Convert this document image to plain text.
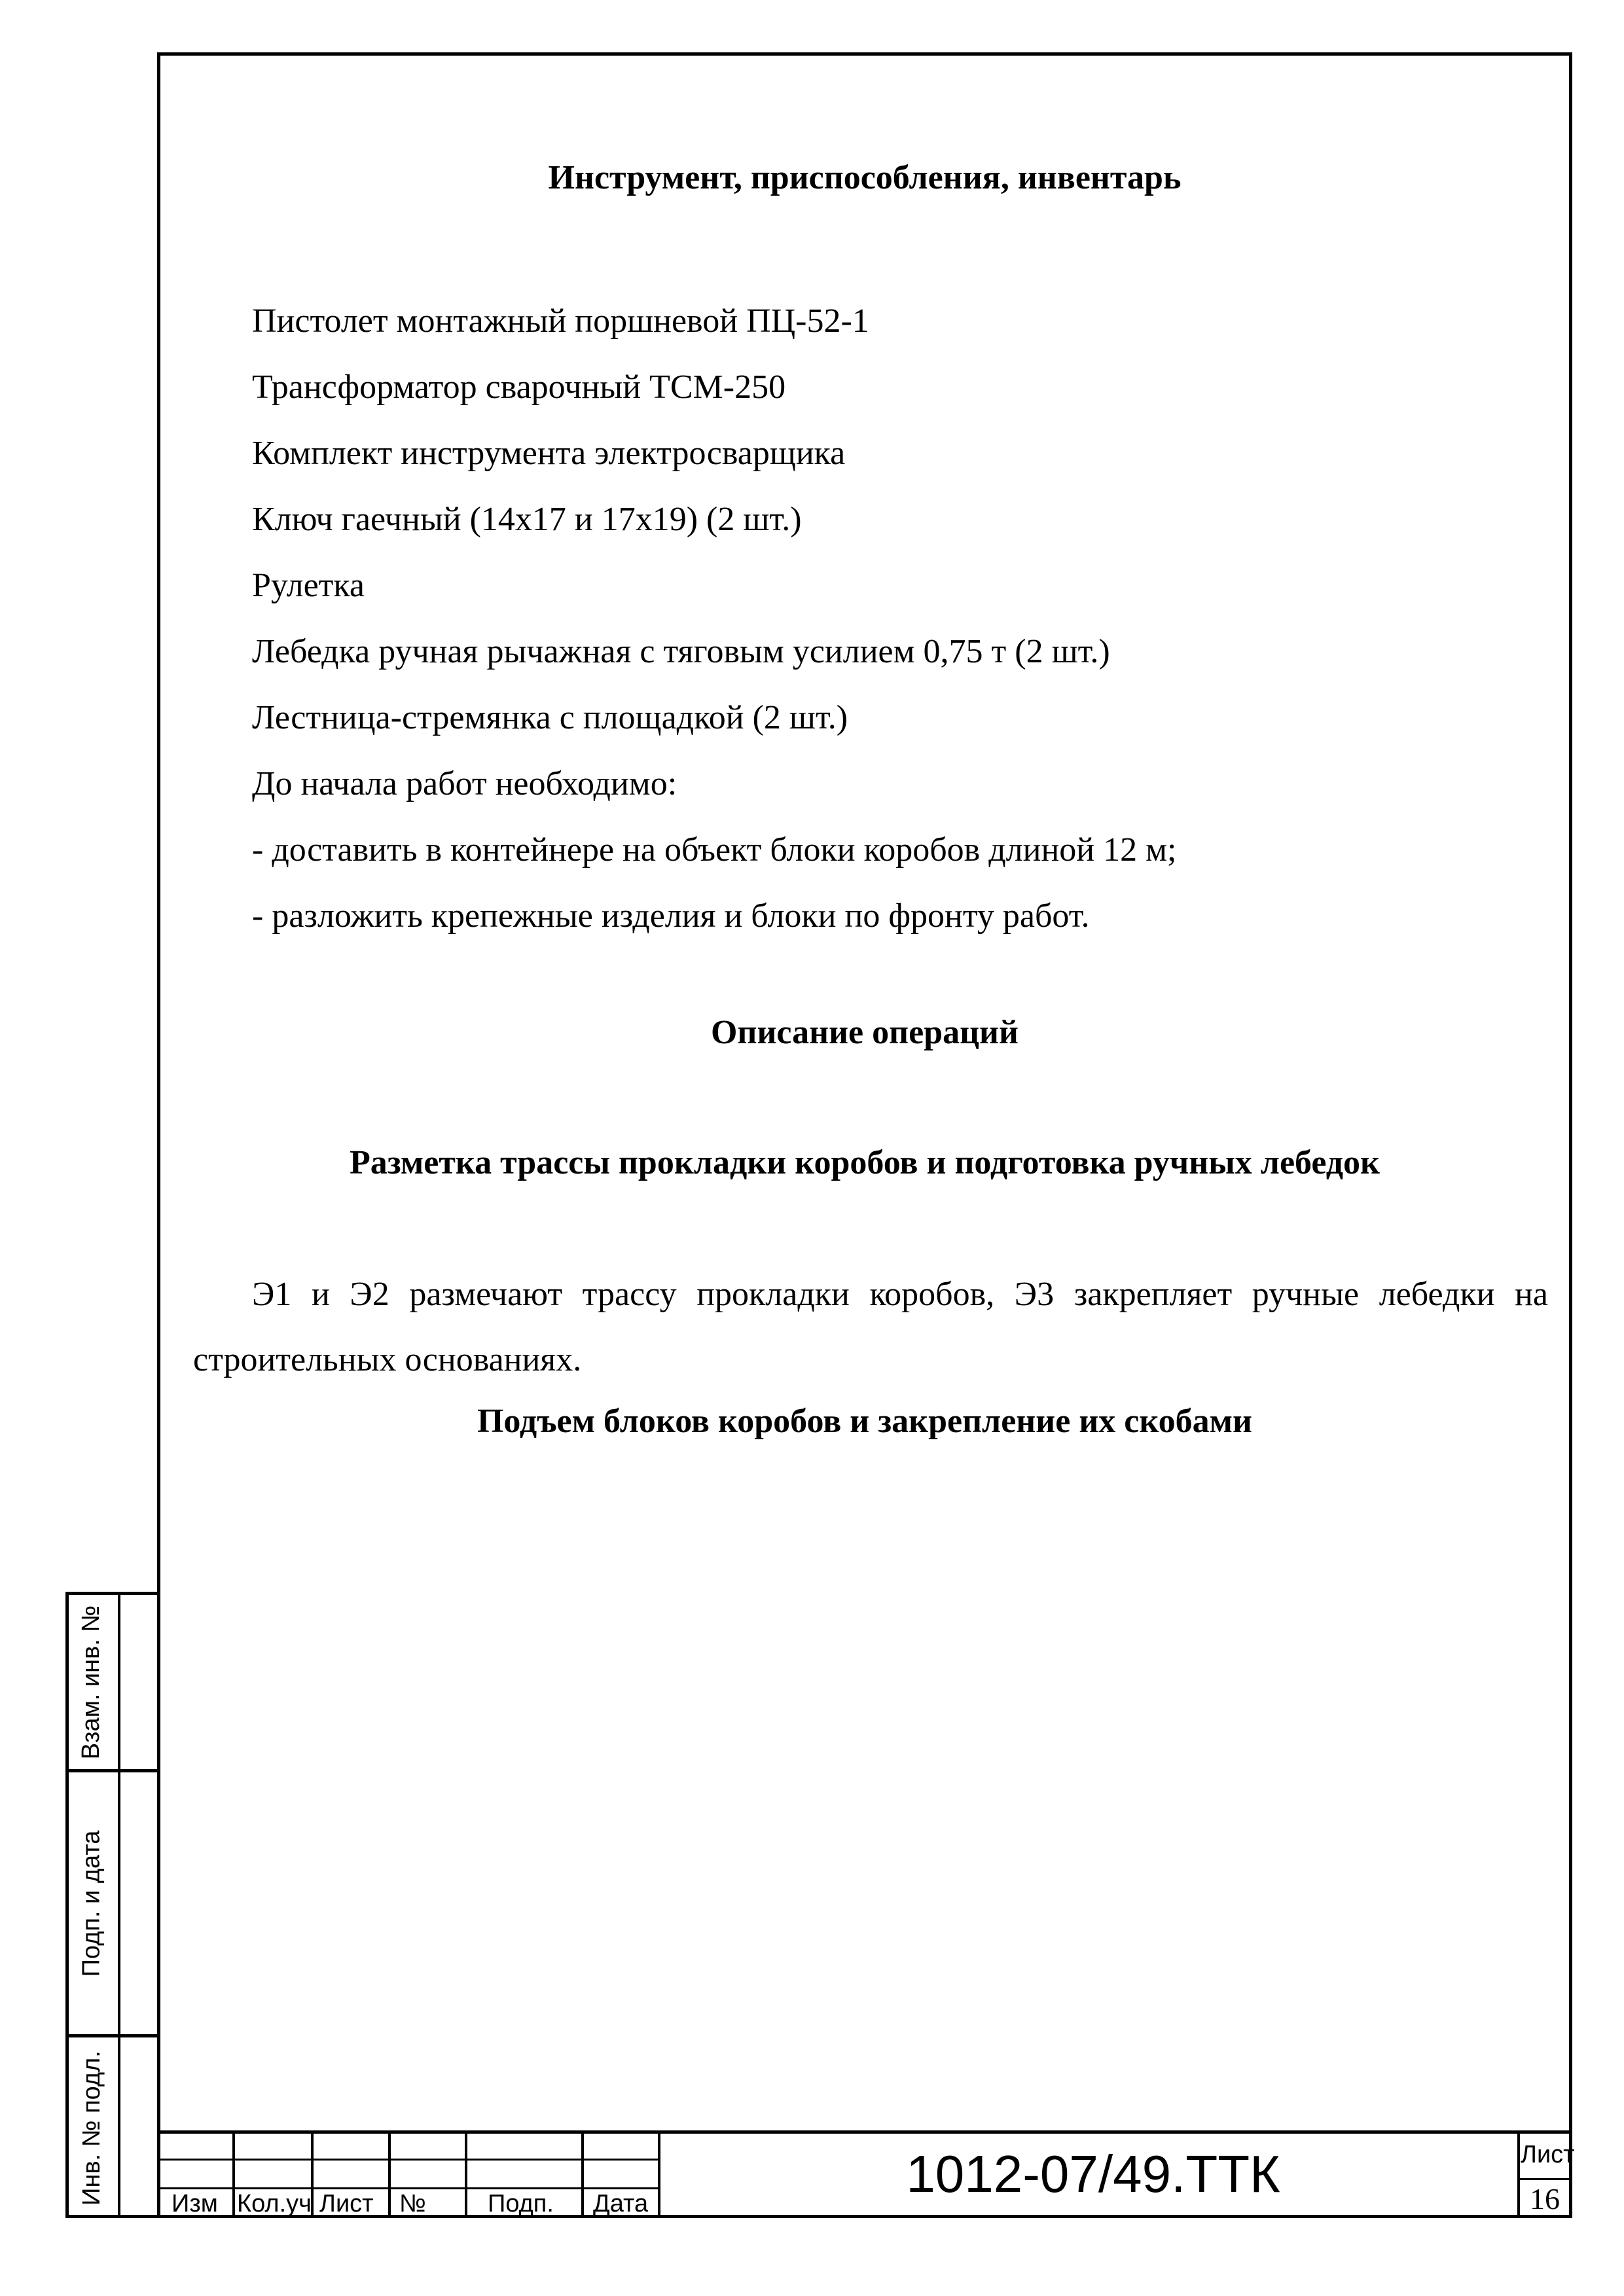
Инструмент, приспособления, инвентарь
Пистолет монтажный поршневой ПЦ-52-1
Трансформатор сварочный ТСМ-250
Комплект инструмента электросварщика
Ключ гаечный (14х17 и 17х19) (2 шт.)
Рулетка
Лебедка ручная рычажная с тяговым усилием 0,75 т (2 шт.)
Лестница-стремянка с площадкой (2 шт.)
До начала работ необходимо:
- доставить в контейнере на объект блоки коробов длиной 12 м;
- разложить крепежные изделия и блоки по фронту работ.
Описание операций
Разметка трассы прокладки коробов и подготовка ручных лебедок

Э1 и Э2 размечают трассу прокладки коробов, Э3 закрепляет ручные лебедки на строительных основаниях.

Подъем блоков коробов и закрепление их скобами
Взам. инв. №
Подп. и дата
Инв. № подл.	Изм Кол.уч Лист № Подп. Дата
1012-07/49.ТТК	Лист
16
